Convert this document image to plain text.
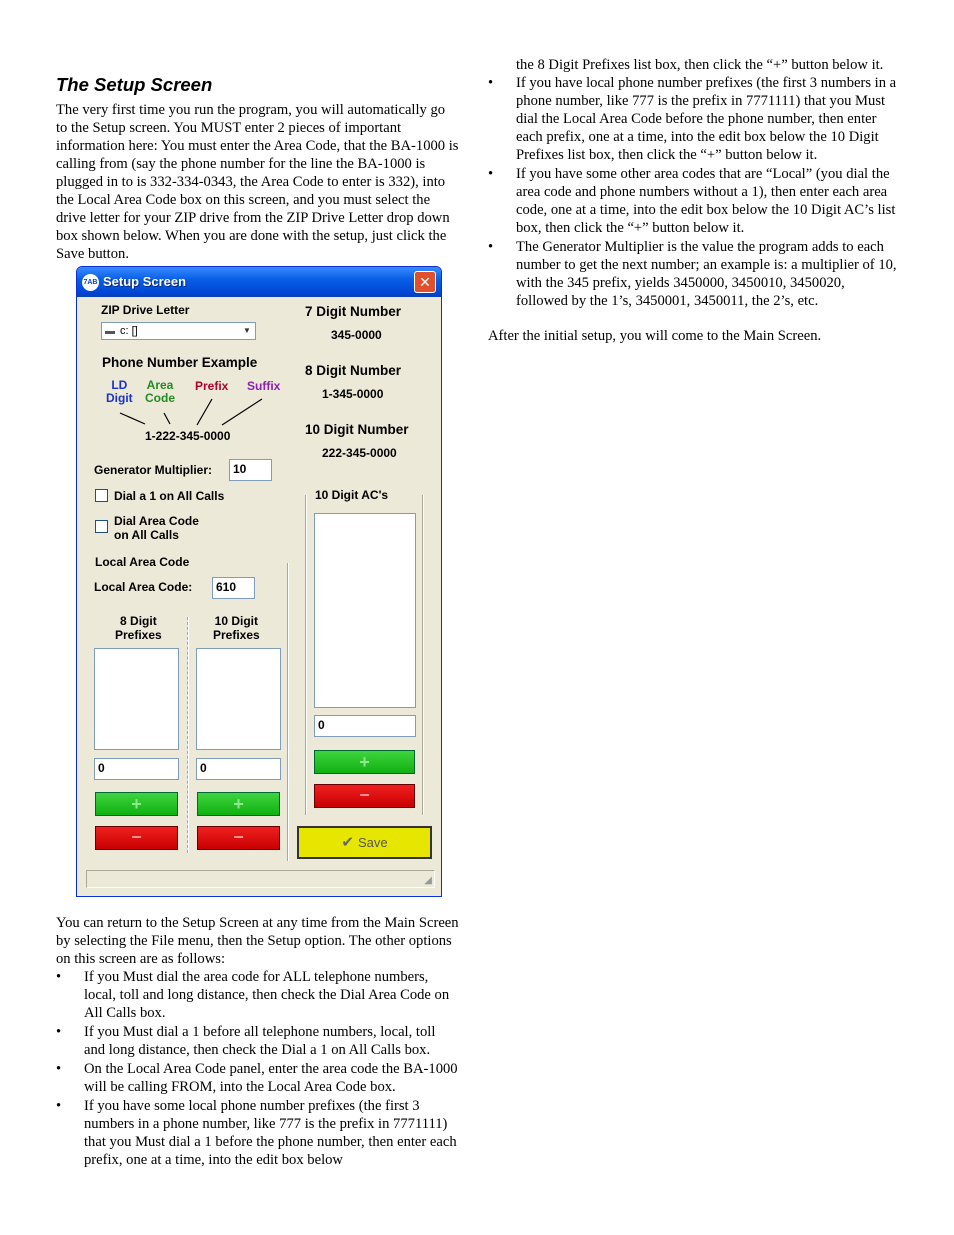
The Setup Screen

The very first time you run the program, you will automatically go to the Setup screen. You MUST enter 2 pieces of important information here: You must enter the Area Code, that the BA-1000 is calling from (say the phone number for the line the BA-1000 is plugged in to is 332-334-0343, the Area Code to enter is 332), into the Local Area Code box on this screen, and you must select the drive letter for your ZIP drive from the ZIP Drive Letter drop down box shown below. When you are done with the setup, just click the Save button.

You can return to the Setup Screen at any time from the Main Screen by selecting the File menu, then the Setup option. The other options on this screen are as follows:

• If you Must dial the area code for ALL telephone numbers, local, toll and long distance, then check the Dial Area Code on All Calls box.
• If you Must dial a 1 before all telephone numbers, local, toll and long distance, then check the Dial a 1 on All Calls box.
• On the Local Area Code panel, enter the area code the BA-1000 will be calling FROM, into the Local Area Code box.
• If you have some local phone number prefixes (the first 3 numbers in a phone number, like 777 is the prefix in 7771111) that you Must dial a 1 before the phone number, then enter each prefix, one at a time, into the edit box below

the 8 Digit Prefixes list box, then click the “+” button below it.

• If you have local phone number prefixes (the first 3 numbers in a phone number, like 777 is the prefix in 7771111) that you Must dial the Local Area Code before the phone number, then enter each prefix, one at a time, into the edit box below the 10 Digit Prefixes list box, then click the “+” button below it.
• If you have some other area codes that are “Local” (you dial the area code and phone numbers without a 1), then enter each area code, one at a time, into the edit box below the 10 Digit AC’s list box, then click the “+” button below it.
• The Generator Multiplier is the value the program adds to each number to get the next number; an example is: a multiplier of 10, with the 345 prefix, yields 3450000, 3450010, 3450020, followed by the 1’s, 3450001, 3450011, the 2’s, etc.

After the initial setup, you will come to the Main Screen.

7AB Setup Screen	✕
ZIP Drive Letter
▬ c: []	▼
Phone Number Example
LD
Digit
Area
Code
Prefix Suffix
1-222-345-0000
7 Digit Number
345-0000
8 Digit Number
1-345-0000
10 Digit Number
222-345-0000
Generator Multiplier:	10
Dial a 1 on All Calls
Dial Area Code
on All Calls
Local Area Code
Local Area Code:	610
8 Digit
Prefixes
10 Digit
Prefixes
0	0
+	+
−	−
10 Digit AC's
0
+
−
✔ Save
◢
